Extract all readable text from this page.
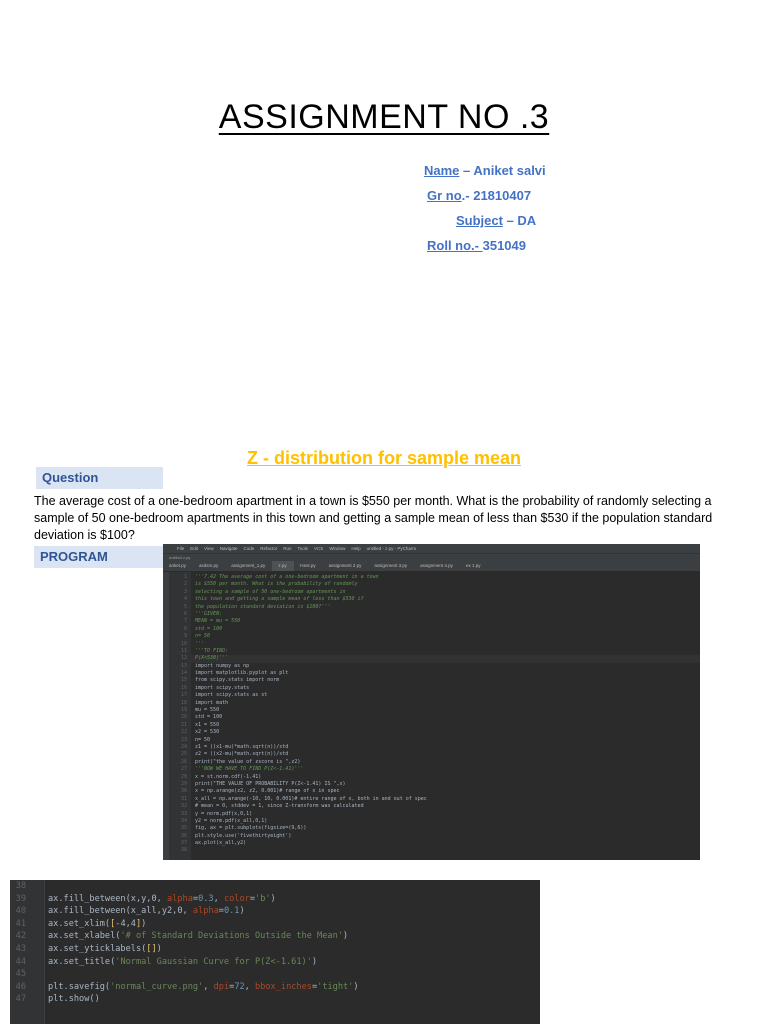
ASSIGNMENT NO .3
Name – Aniket salvi
Gr no.- 21810407
Subject – DA
Roll no.- 351049
Z - distribution for sample mean
Question
The average cost of a one-bedroom apartment in a town is $550 per month. What is the probability of randomly selecting a sample of 50 one-bedroom apartments in this town and getting a sample mean of less than $530 if the population standard deviation is $100?
PROGRAM
File Edit View Navigate Code Refactor Run Tools VCS Window Help untitled - z.py - PyCharm
untitled z.py
anket.py	asdsm.py	assignment_1.py	z.py	t-test.py	assignment 2.py	assignment 3.py	assignment 4.py	ex 1.py
1	'''7.42 The average cost of a one-bedroom apartment in a town
2	is $550 per month. What is the probability of randomly
3	selecting a sample of 50 one-bedroom apartments in
4	this town and getting a sample mean of less than $530 if
5	the population standard deviation is $100?'''
6	'''GIVEN:
7	MEAN = mu = 550
8	std = 100
9	n= 50
10	'''
11	'''TO FIND:
12	P(X<530)'''
13	import numpy as np
14	import matplotlib.pyplot as plt
15	from scipy.stats import norm
16	import scipy.stats
17	import scipy.stats as st
18	import math
19	mu = 550
20	std = 100
21	x1 = 550
22	x2 = 530
23	n= 50
24	z1 = ((x1-mu)*math.sqrt(n))/std
25	z2 = ((x2-mu)*math.sqrt(n))/std
26	print("the value of zscore is ",z2)
27	'''NOW WE HAVE TO FIND P(Z<-1.41)'''
28	x = st.norm.cdf(-1.41)
29	print("THE VALUE OF PROBABILITY P(Z<-1.41) IS ",x)
30	x = np.arange(z2, z2, 0.001)# range of x in spec
31	x_all = np.arange(-10, 10, 0.001)# entire range of x, both in and out of spec
32	# mean = 0, stddev = 1, since Z-transform was calculated
33	y = norm.pdf(x,0,1)
34	y2 = norm.pdf(x_all,0,1)
35	fig, ax = plt.subplots(figsize=(9,6))
36	plt.style.use('fivethirtyeight')
37	ax.plot(x_all,y2)
38
38
39	ax.fill_between(x,y,0, alpha=0.3, color='b')
40	ax.fill_between(x_all,y2,0, alpha=0.1)
41	ax.set_xlim([-4,4])
42	ax.set_xlabel('# of Standard Deviations Outside the Mean')
43	ax.set_yticklabels([])
44	ax.set_title('Normal Gaussian Curve for P(Z<-1.61)')
45
46	plt.savefig('normal_curve.png', dpi=72, bbox_inches='tight')
47	plt.show()
